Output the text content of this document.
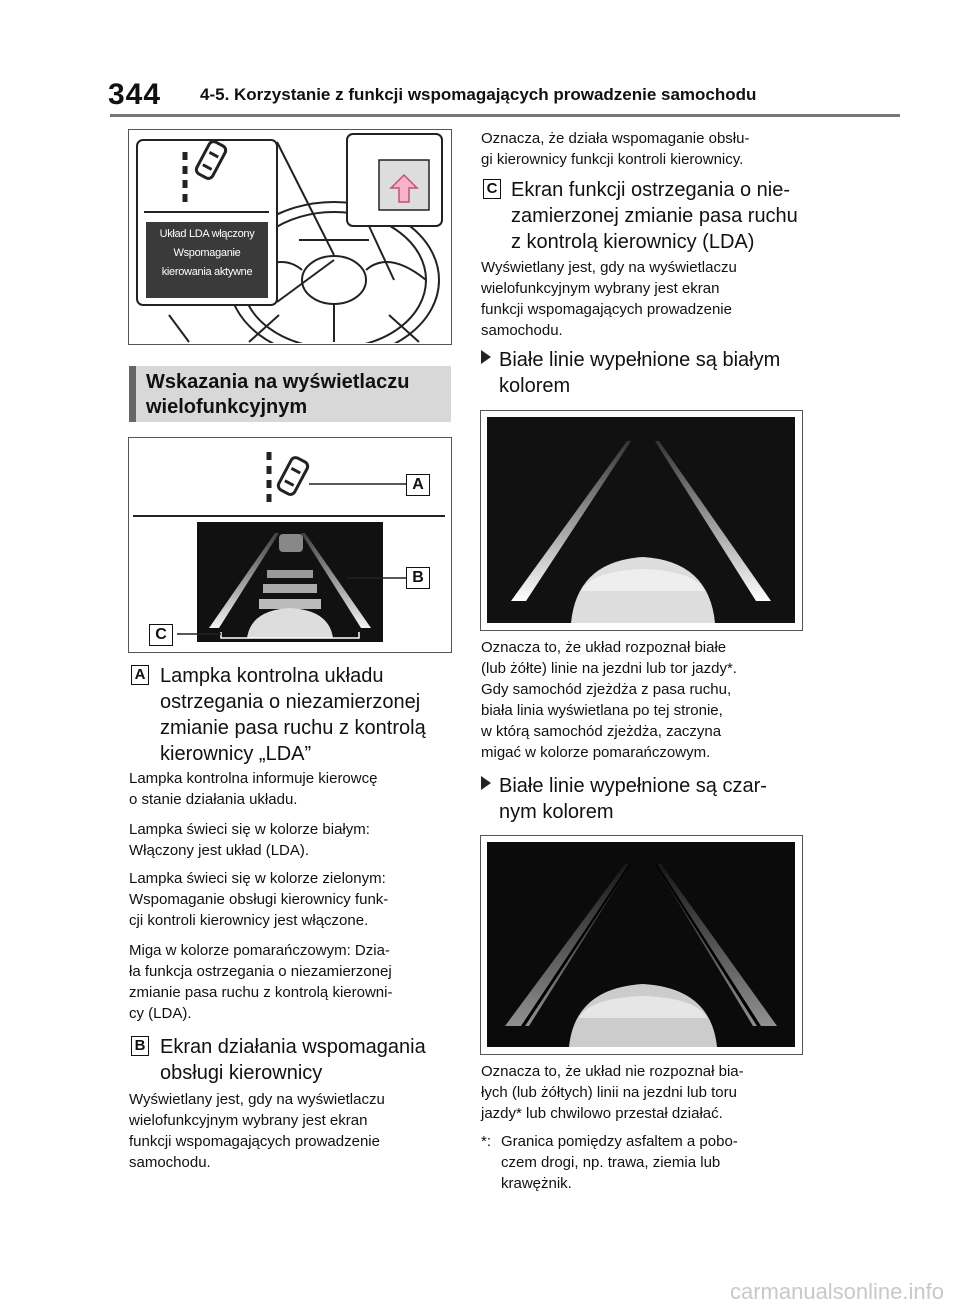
344 4-5. Korzystanie z funkcji wspomagających prowadzenie samochodu
Układ LDA włączony
Wspomaganie
kierowania aktywne
Wskazania na wyświetlaczu
wielofunkcyjnym
A
B
C
A Lampka kontrolna układu
ostrzegania o niezamierzonej
zmianie pasa ruchu z kontrolą
kierownicy „LDA”
Lampka kontrolna informuje kierowcę
o stanie działania układu.
Lampka świeci się w kolorze białym:
Włączony jest układ (LDA).
Lampka świeci się w kolorze zielonym:
Wspomaganie obsługi kierownicy funk-
cji kontroli kierownicy jest włączone.
Miga w kolorze pomarańczowym: Dzia-
ła funkcja ostrzegania o niezamierzonej
zmianie pasa ruchu z kontrolą kierowni-
cy (LDA).
B Ekran działania wspomagania
obsługi kierownicy
Wyświetlany jest, gdy na wyświetlaczu
wielofunkcyjnym wybrany jest ekran
funkcji wspomagających prowadzenie
samochodu.
Oznacza, że działa wspomaganie obsłu-
gi kierownicy funkcji kontroli kierownicy.
C Ekran funkcji ostrzegania o nie-
zamierzonej zmianie pasa ruchu
z kontrolą kierownicy (LDA)
Wyświetlany jest, gdy na wyświetlaczu
wielofunkcyjnym wybrany jest ekran
funkcji wspomagających prowadzenie
samochodu.
Białe linie wypełnione są białym
kolorem
Oznacza to, że układ rozpoznał białe
(lub żółte) linie na jezdni lub tor jazdy*.
Gdy samochód zjeżdża z pasa ruchu,
biała linia wyświetlana po tej stronie,
w którą samochód zjeżdża, zaczyna
migać w kolorze pomarańczowym.
Białe linie wypełnione są czar-
nym kolorem
Oznacza to, że układ nie rozpoznał bia-
łych (lub żółtych) linii na jezdni lub toru
jazdy* lub chwilowo przestał działać.
*: Granica pomiędzy asfaltem a pobo-
czem drogi, np. trawa, ziemia lub
krawężnik.
carmanualsonline.info
